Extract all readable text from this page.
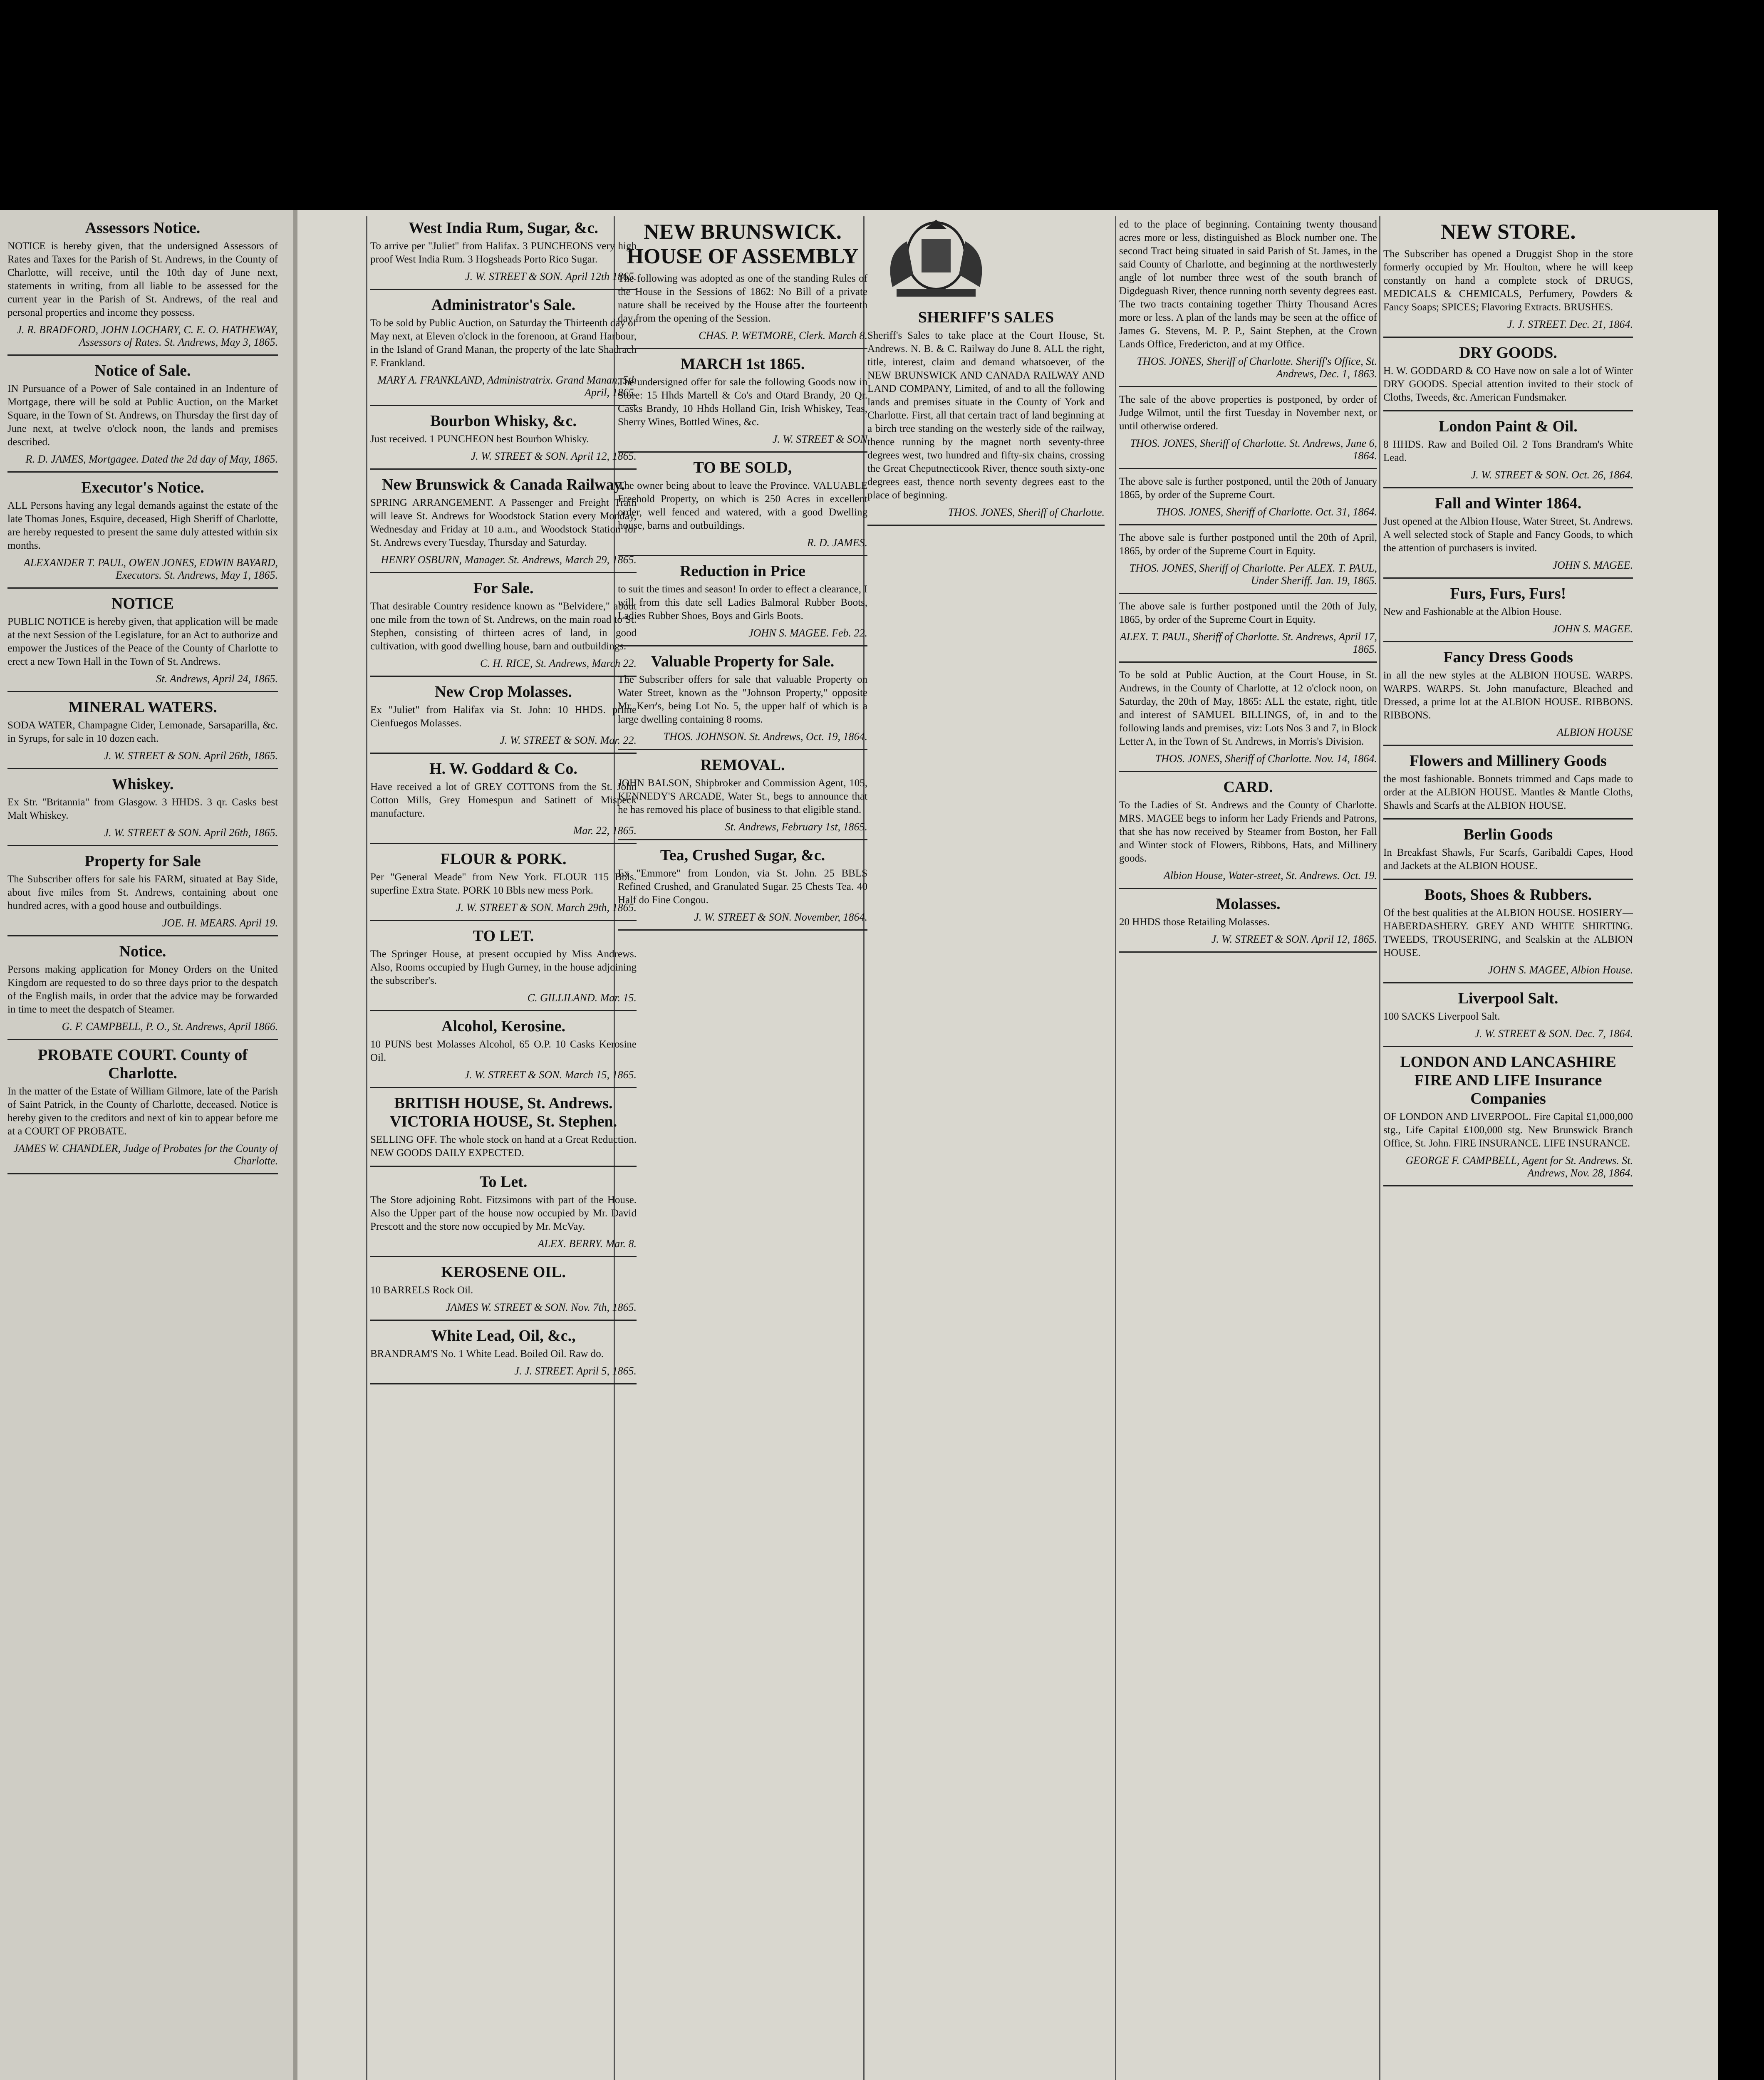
Assessors Notice.
NOTICE is hereby given, that the undersigned Assessors of Rates and Taxes for the Parish of St. Andrews, in the County of Charlotte, will receive, until the 10th day of June next, statements in writing, from all liable to be assessed for the current year in the Parish of St. Andrews, of the real and personal properties and income they possess.
J. R. BRADFORD, JOHN LOCHARY, C. E. O. HATHEWAY, Assessors of Rates. St. Andrews, May 3, 1865.
Notice of Sale.
IN Pursuance of a Power of Sale contained in an Indenture of Mortgage, there will be sold at Public Auction, on the Market Square, in the Town of St. Andrews, on Thursday the first day of June next, at twelve o'clock noon, the lands and premises described.
R. D. JAMES, Mortgagee. Dated the 2d day of May, 1865.
Executor's Notice.
ALL Persons having any legal demands against the estate of the late Thomas Jones, Esquire, deceased, High Sheriff of Charlotte, are hereby requested to present the same duly attested within six months.
ALEXANDER T. PAUL, OWEN JONES, EDWIN BAYARD, Executors. St. Andrews, May 1, 1865.
NOTICE
PUBLIC NOTICE is hereby given, that application will be made at the next Session of the Legislature, for an Act to authorize and empower the Justices of the Peace of the County of Charlotte to erect a new Town Hall in the Town of St. Andrews.
St. Andrews, April 24, 1865.
MINERAL WATERS.
SODA WATER, Champagne Cider, Lemonade, Sarsaparilla, &c. in Syrups, for sale in 10 dozen each.
J. W. STREET & SON. April 26th, 1865.
Whiskey.
Ex Str. "Britannia" from Glasgow. 3 HHDS. 3 qr. Casks best Malt Whiskey.
J. W. STREET & SON. April 26th, 1865.
Property for Sale
The Subscriber offers for sale his FARM, situated at Bay Side, about five miles from St. Andrews, containing about one hundred acres, with a good house and outbuildings.
JOE. H. MEARS. April 19.
Notice.
Persons making application for Money Orders on the United Kingdom are requested to do so three days prior to the despatch of the English mails, in order that the advice may be forwarded in time to meet the despatch of Steamer.
G. F. CAMPBELL, P. O., St. Andrews, April 1866.
PROBATE COURT. County of Charlotte.
In the matter of the Estate of William Gilmore, late of the Parish of Saint Patrick, in the County of Charlotte, deceased. Notice is hereby given to the creditors and next of kin to appear before me at a COURT OF PROBATE.
JAMES W. CHANDLER, Judge of Probates for the County of Charlotte.
West India Rum, Sugar, &c.
To arrive per "Juliet" from Halifax. 3 PUNCHEONS very high proof West India Rum. 3 Hogsheads Porto Rico Sugar.
J. W. STREET & SON. April 12th 1865.
Administrator's Sale.
To be sold by Public Auction, on Saturday the Thirteenth day of May next, at Eleven o'clock in the forenoon, at Grand Harbour, in the Island of Grand Manan, the property of the late Shadrach F. Frankland.
MARY A. FRANKLAND, Administratrix. Grand Manan, 5th April, 1865.
Bourbon Whisky, &c.
Just received. 1 PUNCHEON best Bourbon Whisky.
J. W. STREET & SON. April 12, 1865.
New Brunswick & Canada Railway.
SPRING ARRANGEMENT. A Passenger and Freight Train will leave St. Andrews for Woodstock Station every Monday, Wednesday and Friday at 10 a.m., and Woodstock Station for St. Andrews every Tuesday, Thursday and Saturday.
HENRY OSBURN, Manager. St. Andrews, March 29, 1865.
For Sale.
That desirable Country residence known as "Belvidere," about one mile from the town of St. Andrews, on the main road to St. Stephen, consisting of thirteen acres of land, in good cultivation, with good dwelling house, barn and outbuildings.
C. H. RICE, St. Andrews, March 22.
New Crop Molasses.
Ex "Juliet" from Halifax via St. John: 10 HHDS. prime Cienfuegos Molasses.
J. W. STREET & SON. Mar. 22.
H. W. Goddard & Co.
Have received a lot of GREY COTTONS from the St. John Cotton Mills, Grey Homespun and Satinett of Mispeck manufacture.
Mar. 22, 1865.
FLOUR & PORK.
Per "General Meade" from New York. FLOUR 115 Bbls. superfine Extra State. PORK 10 Bbls new mess Pork.
J. W. STREET & SON. March 29th, 1865.
TO LET.
The Springer House, at present occupied by Miss Andrews. Also, Rooms occupied by Hugh Gurney, in the house adjoining the subscriber's.
C. GILLILAND. Mar. 15.
Alcohol, Kerosine.
10 PUNS best Molasses Alcohol, 65 O.P. 10 Casks Kerosine Oil.
J. W. STREET & SON. March 15, 1865.
BRITISH HOUSE, St. Andrews. VICTORIA HOUSE, St. Stephen.
SELLING OFF. The whole stock on hand at a Great Reduction. NEW GOODS DAILY EXPECTED.
To Let.
The Store adjoining Robt. Fitzsimons with part of the House. Also the Upper part of the house now occupied by Mr. David Prescott and the store now occupied by Mr. McVay.
ALEX. BERRY. Mar. 8.
KEROSENE OIL.
10 BARRELS Rock Oil.
JAMES W. STREET & SON. Nov. 7th, 1865.
White Lead, Oil, &c.,
BRANDRAM'S No. 1 White Lead. Boiled Oil. Raw do.
J. J. STREET. April 5, 1865.
NEW BRUNSWICK. HOUSE OF ASSEMBLY
The following was adopted as one of the standing Rules of the House in the Sessions of 1862: No Bill of a private nature shall be received by the House after the fourteenth day from the opening of the Session.
CHAS. P. WETMORE, Clerk. March 8.
MARCH 1st 1865.
The undersigned offer for sale the following Goods now in Store: 15 Hhds Martell & Co's and Otard Brandy, 20 Qr. Casks Brandy, 10 Hhds Holland Gin, Irish Whiskey, Teas, Sherry Wines, Bottled Wines, &c.
J. W. STREET & SON
TO BE SOLD,
The owner being about to leave the Province. VALUABLE Freehold Property, on which is 250 Acres in excellent order, well fenced and watered, with a good Dwelling house, barns and outbuildings.
R. D. JAMES.
Reduction in Price
to suit the times and season! In order to effect a clearance, I will from this date sell Ladies Balmoral Rubber Boots, Ladies Rubber Shoes, Boys and Girls Boots.
JOHN S. MAGEE. Feb. 22.
Valuable Property for Sale.
The Subscriber offers for sale that valuable Property on Water Street, known as the "Johnson Property," opposite Mr. Kerr's, being Lot No. 5, the upper half of which is a large dwelling containing 8 rooms.
THOS. JOHNSON. St. Andrews, Oct. 19, 1864.
REMOVAL.
JOHN BALSON, Shipbroker and Commission Agent, 105, KENNEDY'S ARCADE, Water St., begs to announce that he has removed his place of business to that eligible stand.
St. Andrews, February 1st, 1865.
Tea, Crushed Sugar, &c.
Ex "Emmore" from London, via St. John. 25 BBLS Refined Crushed, and Granulated Sugar. 25 Chests Tea. 40 Half do Fine Congou.
J. W. STREET & SON. November, 1864.
SHERIFF'S SALES
Sheriff's Sales to take place at the Court House, St. Andrews. N. B. & C. Railway do June 8. ALL the right, title, interest, claim and demand whatsoever, of the NEW BRUNSWICK AND CANADA RAILWAY AND LAND COMPANY, Limited, of and to all the following lands and premises situate in the County of York and Charlotte. First, all that certain tract of land beginning at a birch tree standing on the westerly side of the railway, thence running by the magnet north seventy-three degrees west, two hundred and fifty-six chains, crossing the Great Cheputnecticook River, thence south sixty-one degrees east, thence north seventy degrees east to the place of beginning.
THOS. JONES, Sheriff of Charlotte.
ed to the place of beginning. Containing twenty thousand acres more or less, distinguished as Block number one. The second Tract being situated in said Parish of St. James, in the said County of Charlotte, and beginning at the northwesterly angle of lot number three west of the south branch of Digdeguash River, thence running north seventy degrees east. The two tracts containing together Thirty Thousand Acres more or less. A plan of the lands may be seen at the office of James G. Stevens, M. P. P., Saint Stephen, at the Crown Lands Office, Fredericton, and at my Office.
THOS. JONES, Sheriff of Charlotte. Sheriff's Office, St. Andrews, Dec. 1, 1863.
The sale of the above properties is postponed, by order of Judge Wilmot, until the first Tuesday in November next, or until otherwise ordered.
THOS. JONES, Sheriff of Charlotte. St. Andrews, June 6, 1864.
The above sale is further postponed, until the 20th of January 1865, by order of the Supreme Court.
THOS. JONES, Sheriff of Charlotte. Oct. 31, 1864.
The above sale is further postponed until the 20th of April, 1865, by order of the Supreme Court in Equity.
THOS. JONES, Sheriff of Charlotte. Per ALEX. T. PAUL, Under Sheriff. Jan. 19, 1865.
The above sale is further postponed until the 20th of July, 1865, by order of the Supreme Court in Equity.
ALEX. T. PAUL, Sheriff of Charlotte. St. Andrews, April 17, 1865.
To be sold at Public Auction, at the Court House, in St. Andrews, in the County of Charlotte, at 12 o'clock noon, on Saturday, the 20th of May, 1865: ALL the estate, right, title and interest of SAMUEL BILLINGS, of, in and to the following lands and premises, viz: Lots Nos 3 and 7, in Block Letter A, in the Town of St. Andrews, in Morris's Division.
THOS. JONES, Sheriff of Charlotte. Nov. 14, 1864.
CARD.
To the Ladies of St. Andrews and the County of Charlotte. MRS. MAGEE begs to inform her Lady Friends and Patrons, that she has now received by Steamer from Boston, her Fall and Winter stock of Flowers, Ribbons, Hats, and Millinery goods.
Albion House, Water-street, St. Andrews. Oct. 19.
Molasses.
20 HHDS those Retailing Molasses.
J. W. STREET & SON. April 12, 1865.
NEW STORE.
The Subscriber has opened a Druggist Shop in the store formerly occupied by Mr. Houlton, where he will keep constantly on hand a complete stock of DRUGS, MEDICALS & CHEMICALS, Perfumery, Powders & Fancy Soaps; SPICES; Flavoring Extracts. BRUSHES.
J. J. STREET. Dec. 21, 1864.
DRY GOODS.
H. W. GODDARD & CO Have now on sale a lot of Winter DRY GOODS. Special attention invited to their stock of Cloths, Tweeds, &c. American Fundsmaker.
London Paint & Oil.
8 HHDS. Raw and Boiled Oil. 2 Tons Brandram's White Lead.
J. W. STREET & SON. Oct. 26, 1864.
Fall and Winter 1864.
Just opened at the Albion House, Water Street, St. Andrews. A well selected stock of Staple and Fancy Goods, to which the attention of purchasers is invited.
JOHN S. MAGEE.
Furs, Furs, Furs!
New and Fashionable at the Albion House.
JOHN S. MAGEE.
Fancy Dress Goods
in all the new styles at the ALBION HOUSE. WARPS. WARPS. WARPS. St. John manufacture, Bleached and Dressed, a prime lot at the ALBION HOUSE. RIBBONS. RIBBONS.
ALBION HOUSE
Flowers and Millinery Goods
the most fashionable. Bonnets trimmed and Caps made to order at the ALBION HOUSE. Mantles & Mantle Cloths, Shawls and Scarfs at the ALBION HOUSE.
Berlin Goods
In Breakfast Shawls, Fur Scarfs, Garibaldi Capes, Hood and Jackets at the ALBION HOUSE.
Boots, Shoes & Rubbers.
Of the best qualities at the ALBION HOUSE. HOSIERY—HABERDASHERY. GREY AND WHITE SHIRTING. TWEEDS, TROUSERING, and Sealskin at the ALBION HOUSE.
JOHN S. MAGEE, Albion House.
Liverpool Salt.
100 SACKS Liverpool Salt.
J. W. STREET & SON. Dec. 7, 1864.
LONDON AND LANCASHIRE FIRE AND LIFE Insurance Companies
OF LONDON AND LIVERPOOL. Fire Capital £1,000,000 stg., Life Capital £100,000 stg. New Brunswick Branch Office, St. John. FIRE INSURANCE. LIFE INSURANCE.
GEORGE F. CAMPBELL, Agent for St. Andrews. St. Andrews, Nov. 28, 1864.
